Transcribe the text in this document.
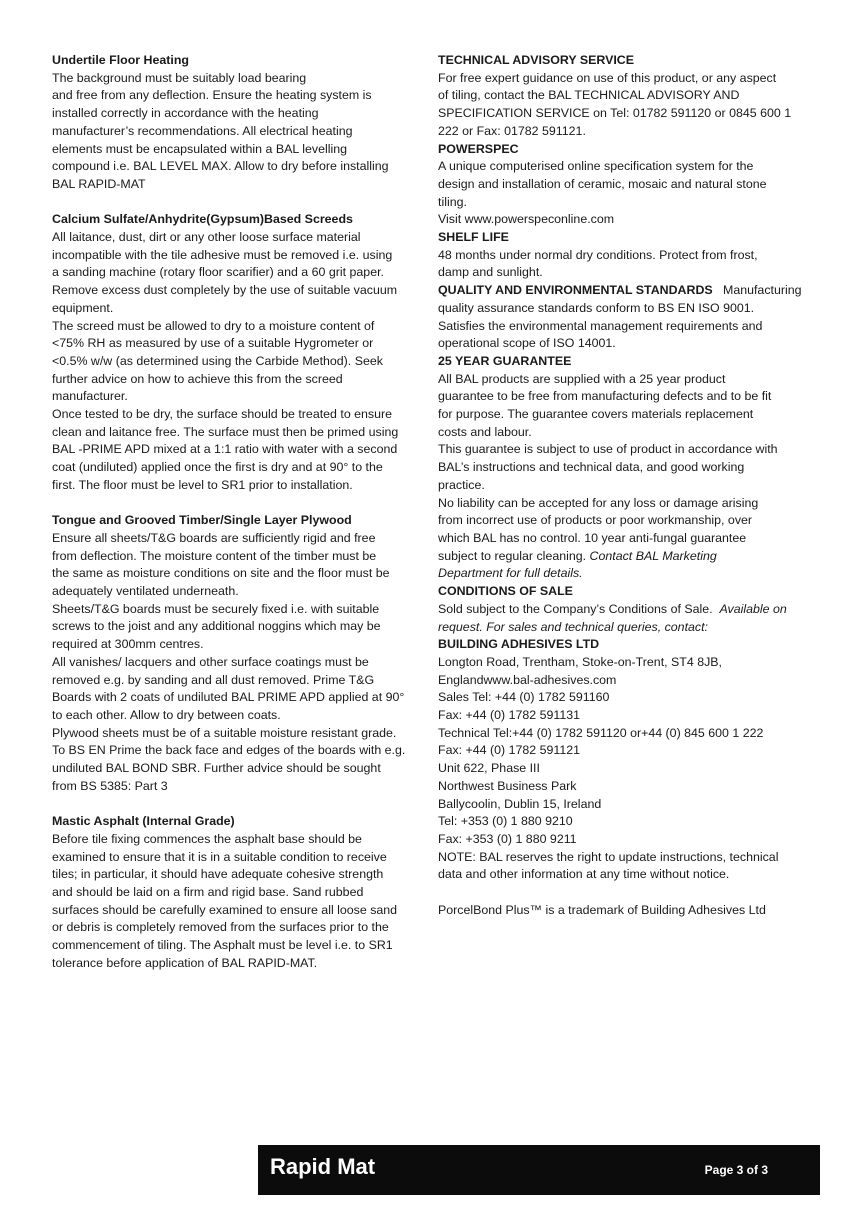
Undertile Floor Heating

The background must be suitably load bearing

and free from any deflection. Ensure the heating system is

installed correctly in accordance with the heating

manufacturer’s recommendations. All electrical heating

elements must be encapsulated within a BAL levelling

compound i.e. BAL LEVEL MAX. Allow to dry before installing

BAL RAPID-MAT

Calcium Sulfate/Anhydrite(Gypsum)Based Screeds

All laitance, dust, dirt or any other loose surface material

incompatible with the tile adhesive must be removed i.e. using

a sanding machine (rotary floor scarifier) and a 60 grit paper.

Remove excess dust completely by the use of suitable vacuum

equipment.

The screed must be allowed to dry to a moisture content of

<75% RH as measured by use of a suitable Hygrometer or

<0.5% w/w (as determined using the Carbide Method). Seek

further advice on how to achieve this from the screed

manufacturer.

Once tested to be dry, the surface should be treated to ensure

clean and laitance free. The surface must then be primed using

BAL -PRIME APD mixed at a 1:1 ratio with water with a second

coat (undiluted) applied once the first is dry and at 90° to the

first. The floor must be level to SR1 prior to installation.

Tongue and Grooved Timber/Single Layer Plywood

Ensure all sheets/T&G boards are sufficiently rigid and free

from deflection. The moisture content of the timber must be

the same as moisture conditions on site and the floor must be

adequately ventilated underneath.

Sheets/T&G boards must be securely fixed i.e. with suitable

screws to the joist and any additional noggins which may be

required at 300mm centres.

All vanishes/ lacquers and other surface coatings must be

removed e.g. by sanding and all dust removed. Prime T&G

Boards with 2 coats of undiluted BAL PRIME APD applied at 90°

to each other. Allow to dry between coats.

Plywood sheets must be of a suitable moisture resistant grade.

To BS EN Prime the back face and edges of the boards with e.g.

undiluted BAL BOND SBR. Further advice should be sought

from BS 5385: Part 3

Mastic Asphalt (Internal Grade)

Before tile fixing commences the asphalt base should be

examined to ensure that it is in a suitable condition to receive

tiles; in particular, it should have adequate cohesive strength

and should be laid on a firm and rigid base. Sand rubbed

surfaces should be carefully examined to ensure all loose sand

or debris is completely removed from the surfaces prior to the

commencement of tiling. The Asphalt must be level i.e. to SR1

tolerance before application of BAL RAPID-MAT.

TECHNICAL ADVISORY SERVICE

For free expert guidance on use of this product, or any aspect

of tiling, contact the BAL TECHNICAL ADVISORY AND

SPECIFICATION SERVICE on Tel: 01782 591120 or 0845 600 1

222 or Fax: 01782 591121.

POWERSPEC

A unique computerised online specification system for the

design and installation of ceramic, mosaic and natural stone

tiling.

Visit www.powerspeconline.com

SHELF LIFE

48 months under normal dry conditions. Protect from frost,

damp and sunlight.

QUALITY AND ENVIRONMENTAL STANDARDS Manufacturing

quality assurance standards conform to BS EN ISO 9001.

Satisfies the environmental management requirements and

operational scope of ISO 14001.

25 YEAR GUARANTEE

All BAL products are supplied with a 25 year product

guarantee to be free from manufacturing defects and to be fit

for purpose. The guarantee covers materials replacement

costs and labour.

This guarantee is subject to use of product in accordance with

BAL’s instructions and technical data, and good working

practice.

No liability can be accepted for any loss or damage arising

from incorrect use of products or poor workmanship, over

which BAL has no control. 10 year anti-fungal guarantee

subject to regular cleaning. Contact BAL Marketing

Department for full details.

CONDITIONS OF SALE

Sold subject to the Company’s Conditions of Sale. Available on

request. For sales and technical queries, contact:

BUILDING ADHESIVES LTD

Longton Road, Trentham, Stoke-on-Trent, ST4 8JB,

Englandwww.bal-adhesives.com

Sales Tel: +44 (0) 1782 591160

Fax: +44 (0) 1782 591131

Technical Tel:+44 (0) 1782 591120 or+44 (0) 845 600 1 222

Fax: +44 (0) 1782 591121

Unit 622, Phase III

Northwest Business Park

Ballycoolin, Dublin 15, Ireland

Tel: +353 (0) 1 880 9210

Fax: +353 (0) 1 880 9211

NOTE: BAL reserves the right to update instructions, technical

data and other information at any time without notice.

PorcelBond Plus™ is a trademark of Building Adhesives Ltd

Rapid Mat	Page 3 of 3
